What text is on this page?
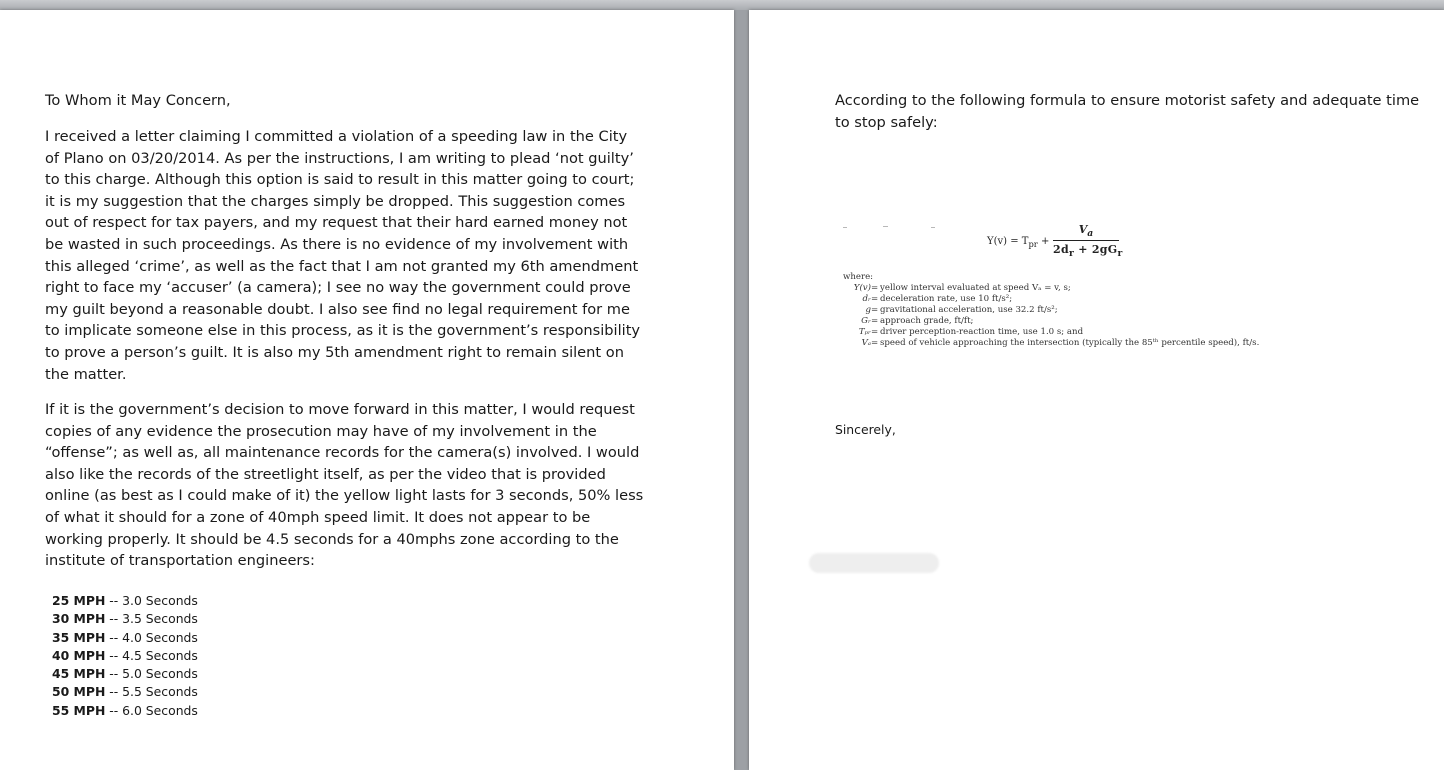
To Whom it May Concern,

I received a letter claiming I committed a violation of a speeding law in the City of Plano on 03/20/2014. As per the instructions, I am writing to plead ‘not guilty’ to this charge. Although this option is said to result in this matter going to court; it is my suggestion that the charges simply be dropped. This suggestion comes out of respect for tax payers, and my request that their hard earned money not be wasted in such proceedings. As there is no evidence of my involvement with this alleged ‘crime’, as well as the fact that I am not granted my 6th amendment right to face my ‘accuser’ (a camera); I see no way the government could prove my guilt beyond a reasonable doubt. I also see find no legal requirement for me to implicate someone else in this process, as it is the government’s responsibility to prove a person’s guilt. It is also my 5th amendment right to remain silent on the matter.

If it is the government’s decision to move forward in this matter, I would request copies of any evidence the prosecution may have of my involvement in the “offense”; as well as, all maintenance records for the camera(s) involved. I would also like the records of the streetlight itself, as per the video that is provided online (as best as I could make of it) the yellow light lasts for 3 seconds, 50% less of what it should for a zone of 40mph speed limit. It does not appear to be working properly. It should be 4.5 seconds for a 40mphs zone according to the institute of transportation engineers:

25 MPH -- 3.0 Seconds
30 MPH -- 3.5 Seconds
35 MPH -- 4.0 Seconds
40 MPH -- 4.5 Seconds
45 MPH -- 5.0 Seconds
50 MPH -- 5.5 Seconds
55 MPH -- 6.0 Seconds

According to the following formula to ensure motorist safety and adequate time to stop safely:

$Y(v) = T_{pr}$ +
$V_a$
$2d_r + 2gG_r$
where:
Y(v)= yellow interval evaluated at speed Vₐ = v, s;
dᵣ= deceleration rate, use 10 ft/s²;
g= gravitational acceleration, use 32.2 ft/s²;
Gᵣ= approach grade, ft/ft;
Tₚᵣ= driver perception-reaction time, use 1.0 s; and
Vₐ= speed of vehicle approaching the intersection (typically the 85ᵗʰ percentile speed), ft/s.
Sincerely,
